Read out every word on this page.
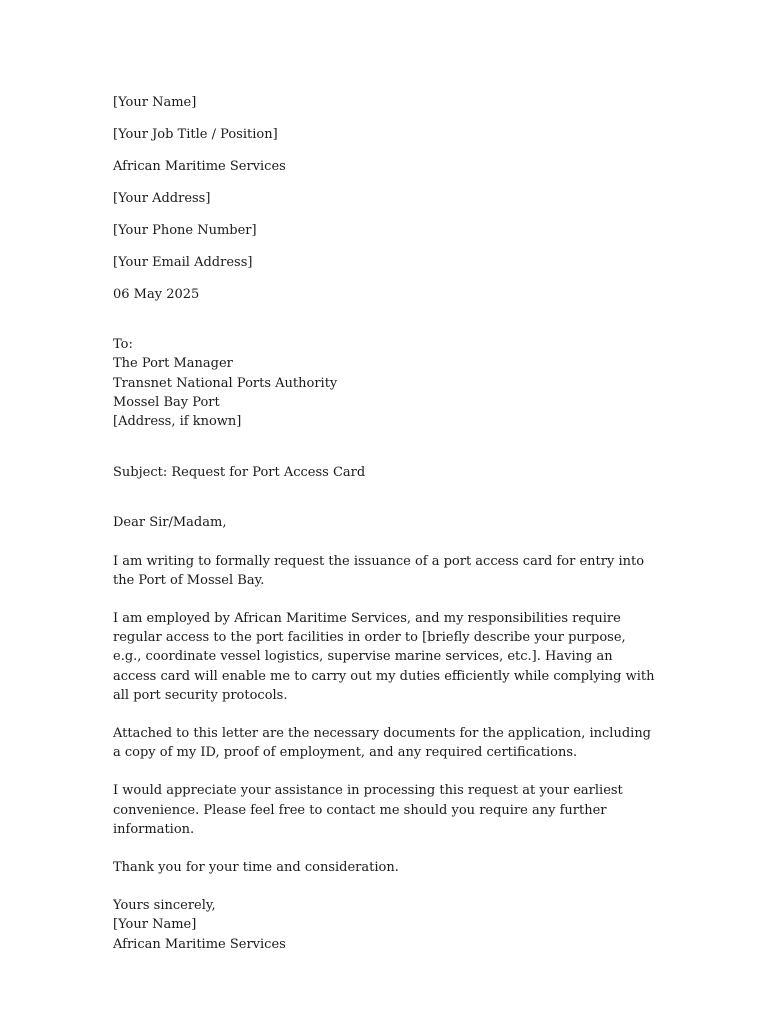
[Your Name]
[Your Job Title / Position]
African Maritime Services
[Your Address]
[Your Phone Number]
[Your Email Address]
06 May 2025
To:
The Port Manager
Transnet National Ports Authority
Mossel Bay Port
[Address, if known]
Subject: Request for Port Access Card
Dear Sir/Madam,
I am writing to formally request the issuance of a port access card for entry into the Port of Mossel Bay.
I am employed by African Maritime Services, and my responsibilities require regular access to the port facilities in order to [briefly describe your purpose, e.g., coordinate vessel logistics, supervise marine services, etc.]. Having an access card will enable me to carry out my duties efficiently while complying with all port security protocols.
Attached to this letter are the necessary documents for the application, including a copy of my ID, proof of employment, and any required certifications.
I would appreciate your assistance in processing this request at your earliest convenience. Please feel free to contact me should you require any further information.
Thank you for your time and consideration.
Yours sincerely,
[Your Name]
African Maritime Services
